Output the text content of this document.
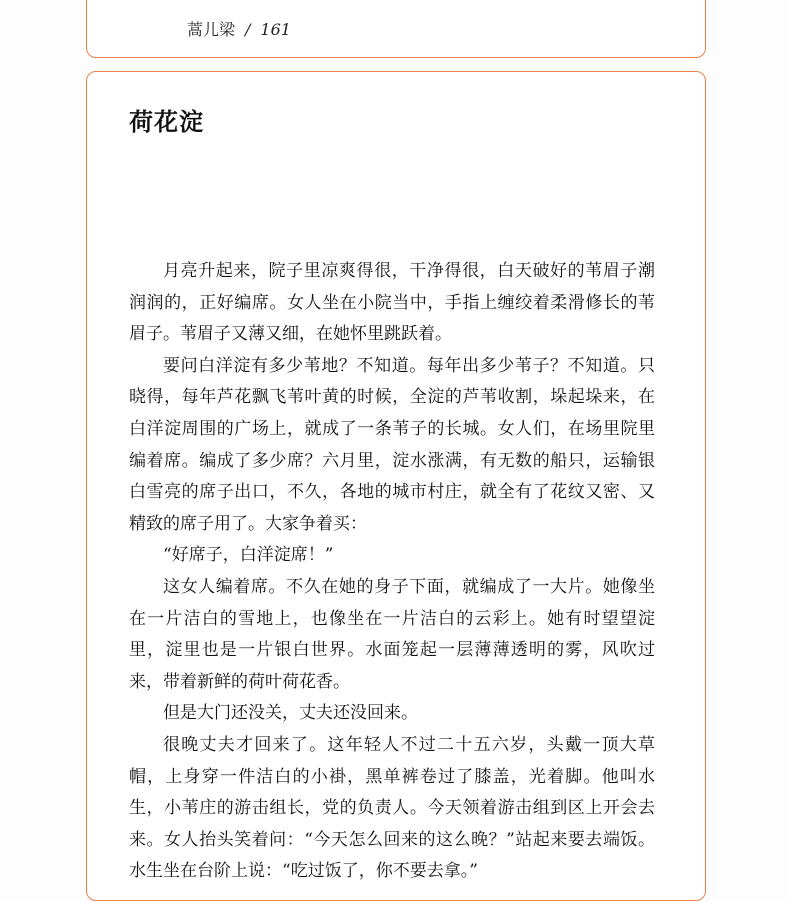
蒿儿梁 / 161
荷花淀

月亮升起来，院子里凉爽得很，干净得很，白天破好的苇眉子潮润润的，正好编席。女人坐在小院当中，手指上缠绞着柔滑修长的苇眉子。苇眉子又薄又细，在她怀里跳跃着。

要问白洋淀有多少苇地？不知道。每年出多少苇子？不知道。只晓得，每年芦花飘飞苇叶黄的时候，全淀的芦苇收割，垛起垛来，在白洋淀周围的广场上，就成了一条苇子的长城。女人们，在场里院里编着席。编成了多少席？六月里，淀水涨满，有无数的船只，运输银白雪亮的席子出口，不久，各地的城市村庄，就全有了花纹又密、又精致的席子用了。大家争着买：

“好席子，白洋淀席！”

这女人编着席。不久在她的身子下面，就编成了一大片。她像坐在一片洁白的雪地上，也像坐在一片洁白的云彩上。她有时望望淀里，淀里也是一片银白世界。水面笼起一层薄薄透明的雾，风吹过来，带着新鲜的荷叶荷花香。

但是大门还没关，丈夫还没回来。

很晚丈夫才回来了。这年轻人不过二十五六岁，头戴一顶大草帽，上身穿一件洁白的小褂，黑单裤卷过了膝盖，光着脚。他叫水生，小苇庄的游击组长，党的负责人。今天领着游击组到区上开会去来。女人抬头笑着问：“今天怎么回来的这么晚？”站起来要去端饭。水生坐在台阶上说：“吃过饭了，你不要去拿。”
